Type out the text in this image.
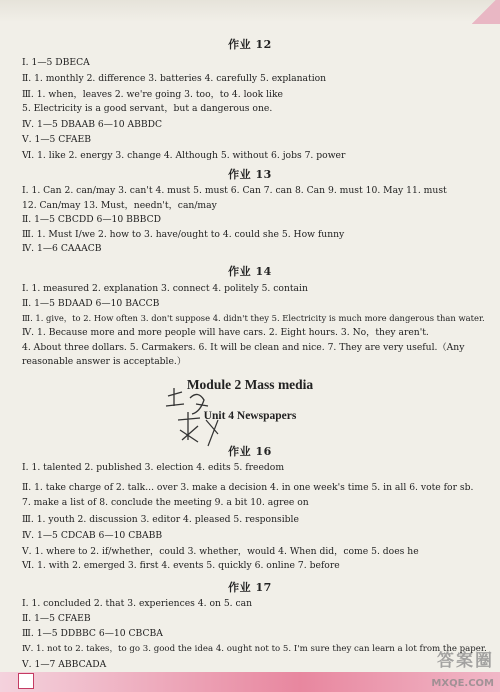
作业 12
Ⅰ. 1—5 DBECA
Ⅱ. 1. monthly 2. difference 3. batteries 4. carefully 5. explanation
Ⅲ. 1. when，leaves 2. we're going 3. too，to 4. look like
5. Electricity is a good servant，but a dangerous one.
Ⅳ. 1—5 DBAAB 6—10 ABBDC
Ⅴ. 1—5 CFAEB
Ⅵ. 1. like 2. energy 3. change 4. Although 5. without 6. jobs 7. power
作业 13
Ⅰ. 1. Can 2. can/may 3. can't 4. must 5. must 6. Can 7. can 8. Can 9. must 10. May 11. must
12. Can/may 13. Must，needn't，can/may
Ⅱ. 1—5 CBCDD 6—10 BBBCD
Ⅲ. 1. Must I/we 2. how to 3. have/ought to 4. could she 5. How funny
Ⅳ. 1—6 CAAACB
作业 14
Ⅰ. 1. measured 2. explanation 3. connect 4. politely 5. contain
Ⅱ. 1—5 BDAAD 6—10 BACCB
Ⅲ. 1. give，to 2. How often 3. don't suppose 4. didn't they 5. Electricity is much more dangerous than water.
Ⅳ. 1. Because more and more people will have cars. 2. Eight hours. 3. No，they aren't.
4. About three dollars. 5. Carmakers. 6. It will be clean and nice. 7. They are very useful.（Any
reasonable answer is acceptable.）
Module 2 Mass media
Unit 4 Newspapers
作业 16
Ⅰ. 1. talented 2. published 3. election 4. edits 5. freedom
Ⅱ. 1. take charge of 2. talk... over 3. make a decision 4. in one week's time 5. in all 6. vote for sb.
7. make a list of 8. conclude the meeting 9. a bit 10. agree on
Ⅲ. 1. youth 2. discussion 3. editor 4. pleased 5. responsible
Ⅳ. 1—5 CDCAB 6—10 CBABB
Ⅴ. 1. where to 2. if/whether，could 3. whether，would 4. When did，come 5. does he
Ⅵ. 1. with 2. emerged 3. first 4. events 5. quickly 6. online 7. before
作业 17
Ⅰ. 1. concluded 2. that 3. experiences 4. on 5. can
Ⅱ. 1—5 CFAEB
Ⅲ. 1—5 DDBBC 6—10 CBCBA
Ⅳ. 1. not to 2. takes，to go 3. good the idea 4. ought not to 5. I'm sure they can learn a lot from the paper.
Ⅴ. 1—7 ABBCADA	答案圈
MXQE.COM
